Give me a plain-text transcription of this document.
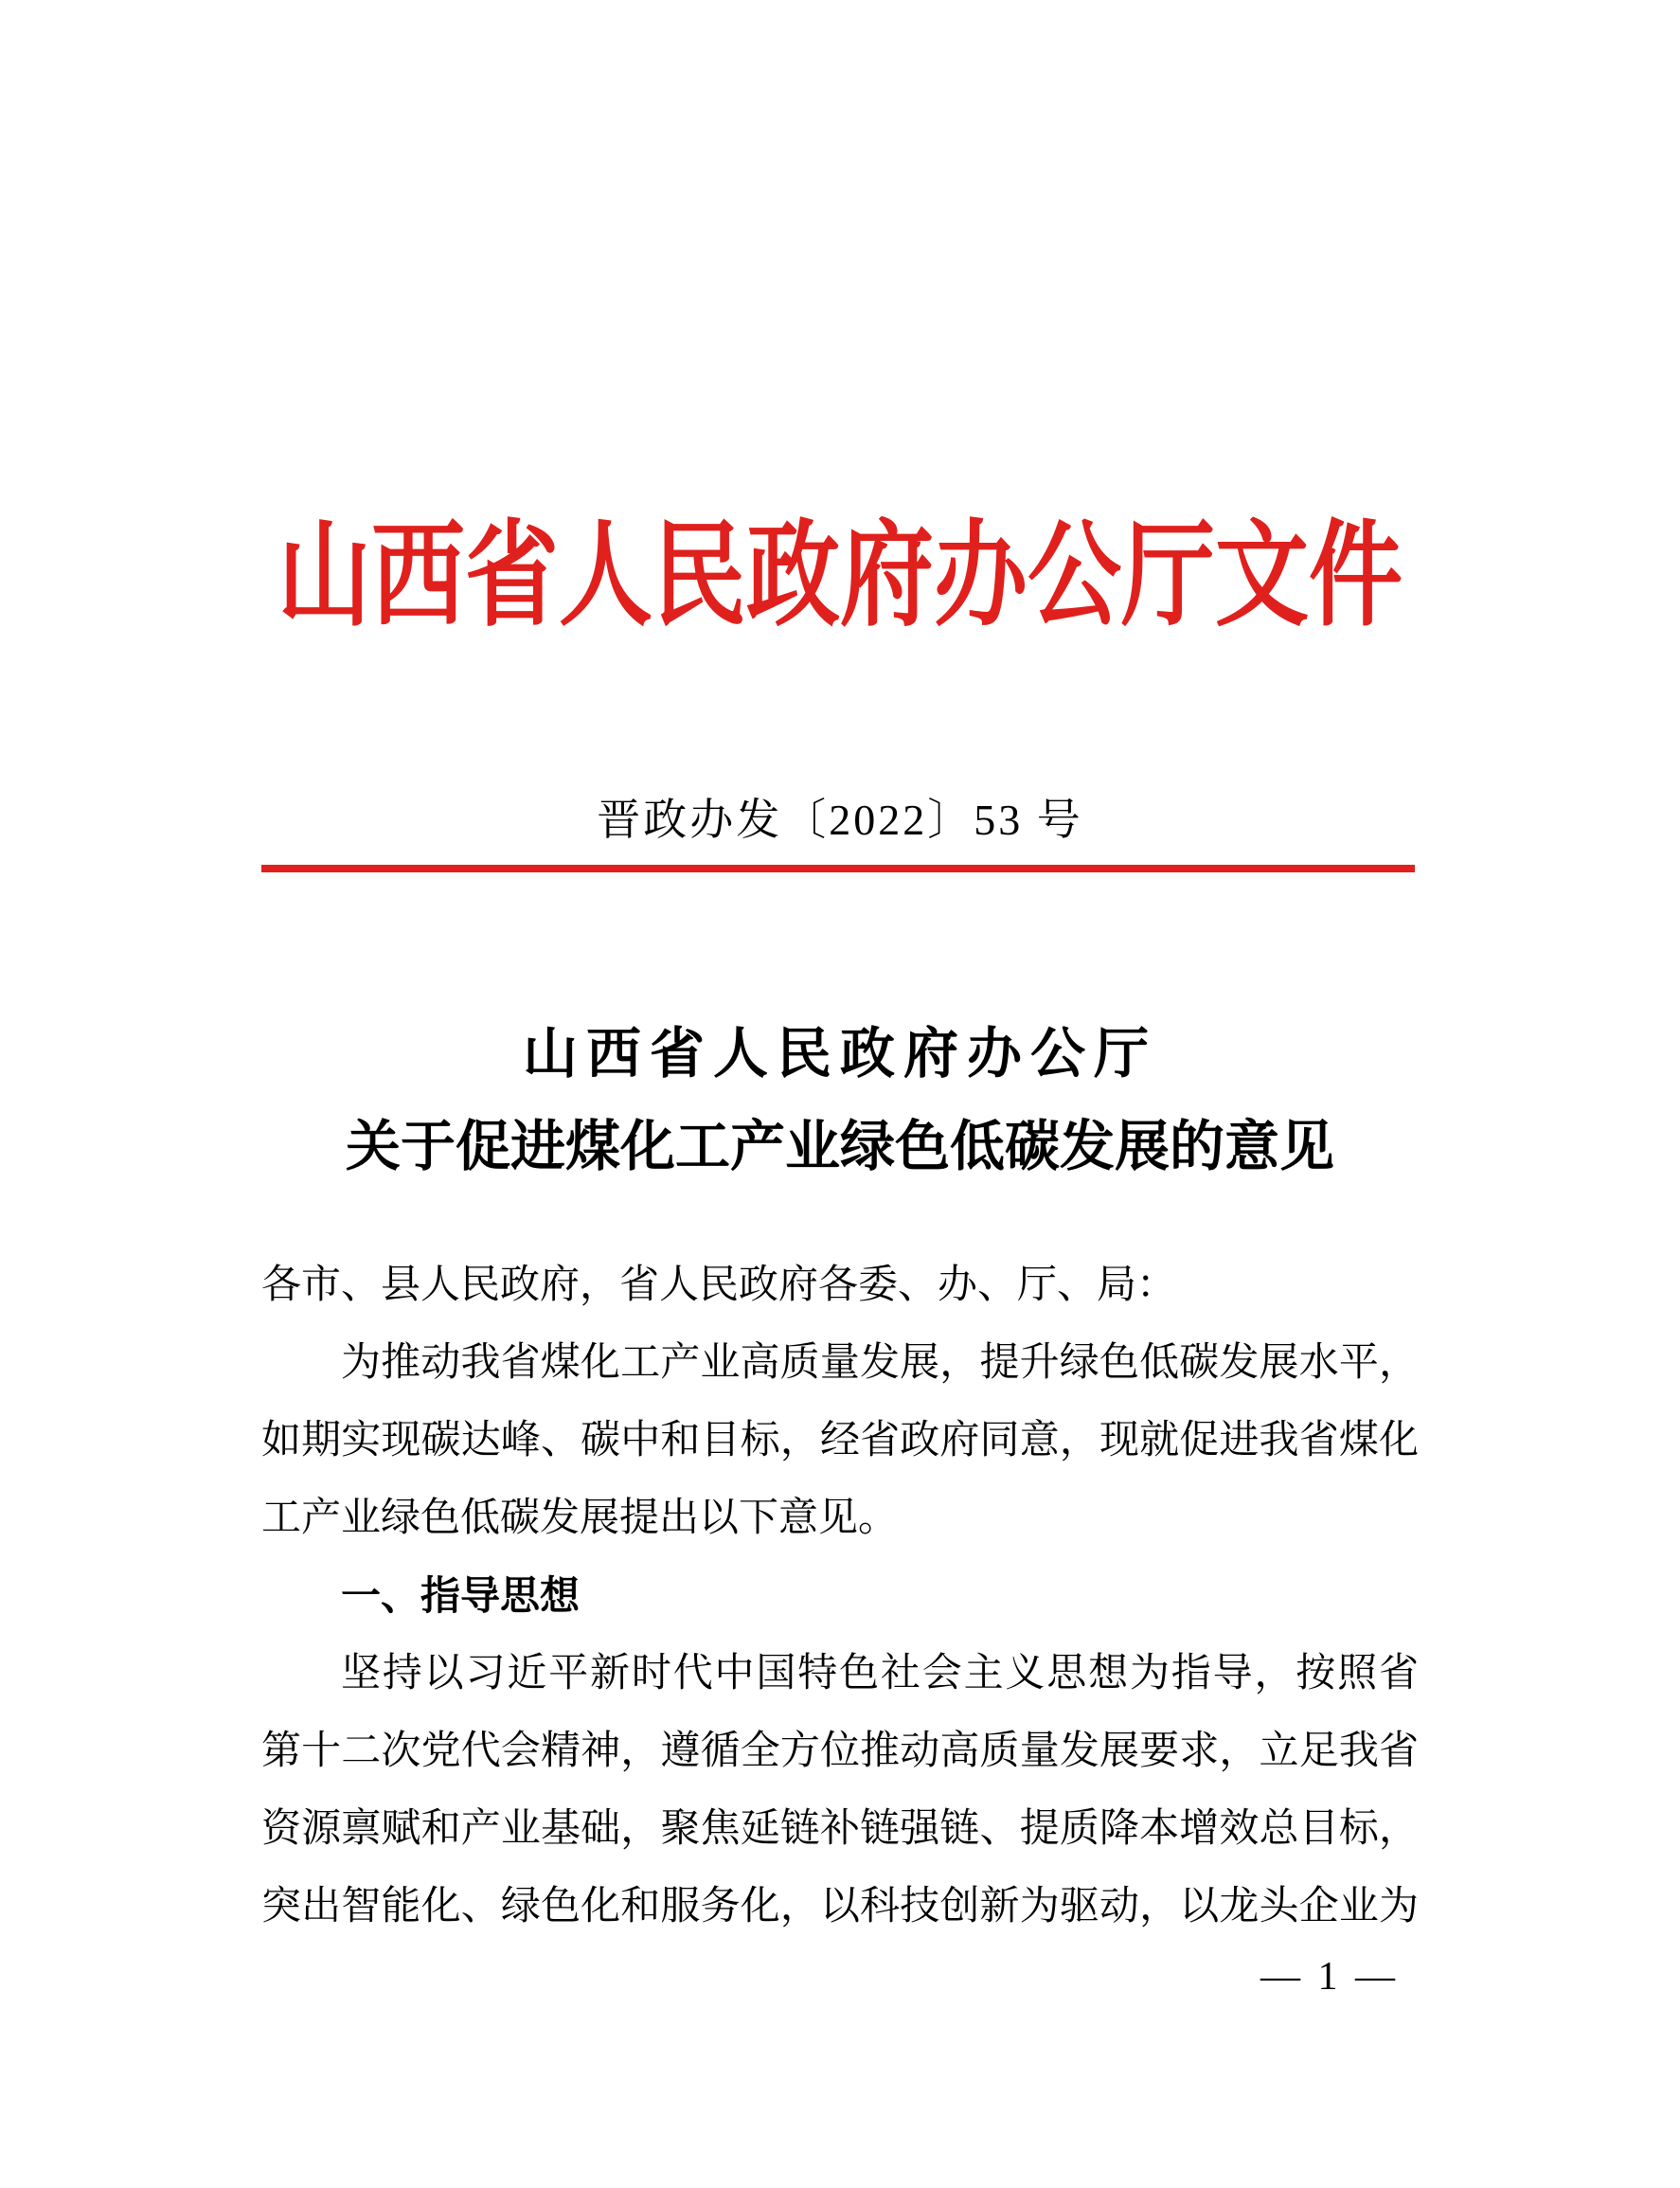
山西省人民政府办公厅文件
晋政办发〔2022〕53 号
山西省人民政府办公厅
关于促进煤化工产业绿色低碳发展的意见
各市、县人民政府，省人民政府各委、办、厅、局：
为推动我省煤化工产业高质量发展，提升绿色低碳发展水平，
如期实现碳达峰、碳中和目标，经省政府同意，现就促进我省煤化
工产业绿色低碳发展提出以下意见。
一、指导思想
坚持以习近平新时代中国特色社会主义思想为指导，按照省
第十二次党代会精神，遵循全方位推动高质量发展要求，立足我省
资源禀赋和产业基础，聚焦延链补链强链、提质降本增效总目标，
突出智能化、绿色化和服务化，以科技创新为驱动，以龙头企业为
— 1 —
